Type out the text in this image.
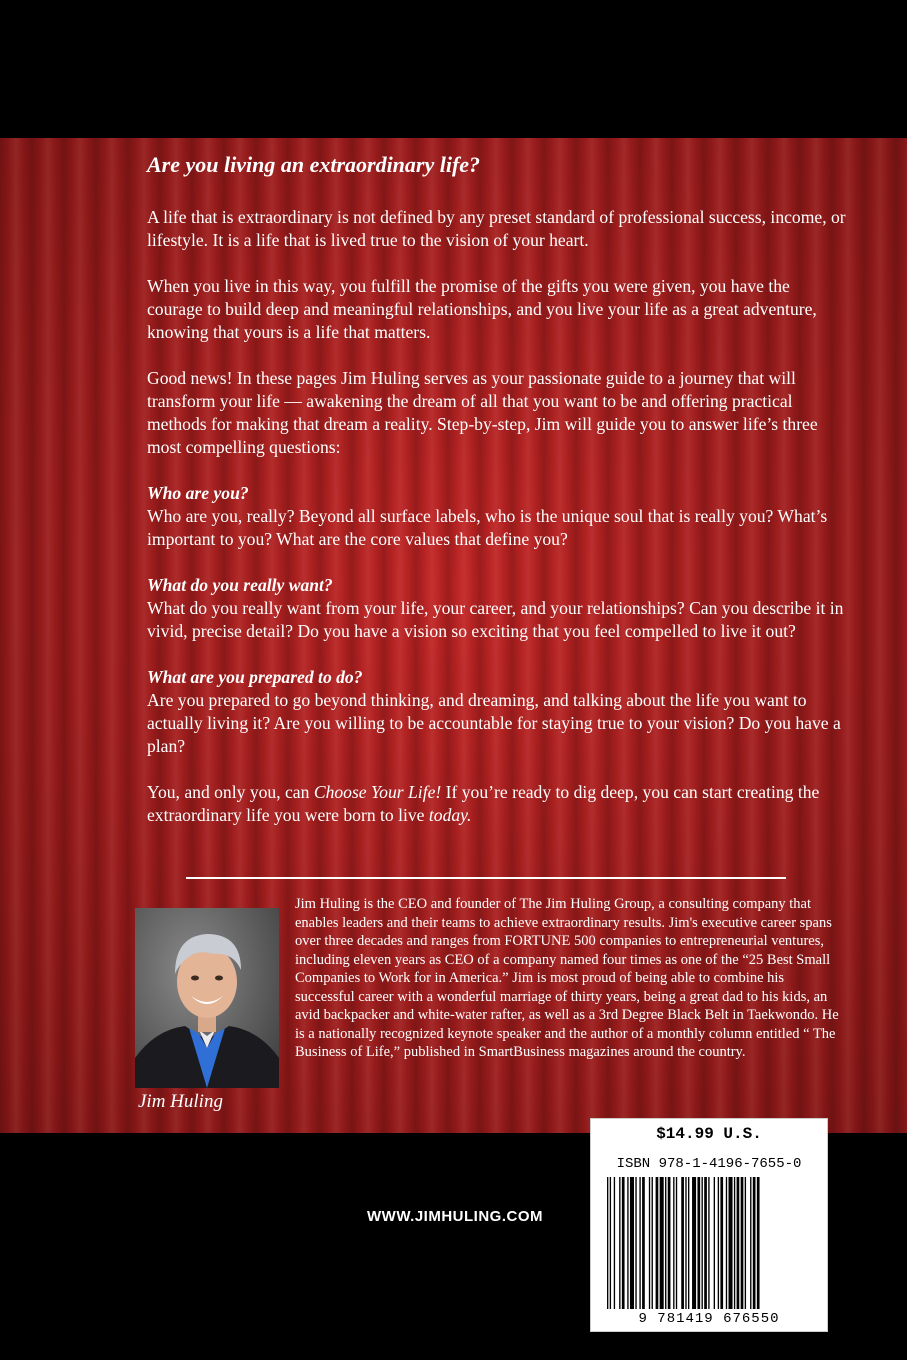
Are you living an extraordinary life?

A life that is extraordinary is not defined by any preset standard of professional success, income, or lifestyle. It is a life that is lived true to the vision of your heart.

When you live in this way, you fulfill the promise of the gifts you were given, you have the courage to build deep and meaningful relationships, and you live your life as a great adventure, knowing that yours is a life that matters.

Good news! In these pages Jim Huling serves as your passionate guide to a journey that will transform your life — awakening the dream of all that you want to be and offering practical methods for making that dream a reality. Step-by-step, Jim will guide you to answer life’s three most compelling questions:

Who are you?
Who are you, really? Beyond all surface labels, who is the unique soul that is really you? What’s important to you? What are the core values that define you?

What do you really want?
What do you really want from your life, your career, and your relationships? Can you describe it in vivid, precise detail? Do you have a vision so exciting that you feel compelled to live it out?

What are you prepared to do?
Are you prepared to go beyond thinking, and dreaming, and talking about the life you want to actually living it? Are you willing to be accountable for staying true to your vision? Do you have a plan?

You, and only you, can Choose Your Life! If you’re ready to dig deep, you can start creating the extraordinary life you were born to live today.

Jim Huling
Jim Huling is the CEO and founder of The Jim Huling Group, a consulting company that enables leaders and their teams to achieve extraordinary results. Jim's executive career spans over three decades and ranges from FORTUNE 500 companies to entrepreneurial ventures, including eleven years as CEO of a company named four times as one of the “25 Best Small Companies to Work for in America.” Jim is most proud of being able to combine his successful career with a wonderful marriage of thirty years, being a great dad to his kids, an avid backpacker and white-water rafter, as well as a 3rd Degree Black Belt in Taekwondo. He is a nationally recognized keynote speaker and the author of a monthly column entitled “ The Business of Life,” published in SmartBusiness magazines around the country.
WWW.JIMHULING.COM
$14.99 U.S.
ISBN 978-1-4196-7655-0
9 781419 676550
